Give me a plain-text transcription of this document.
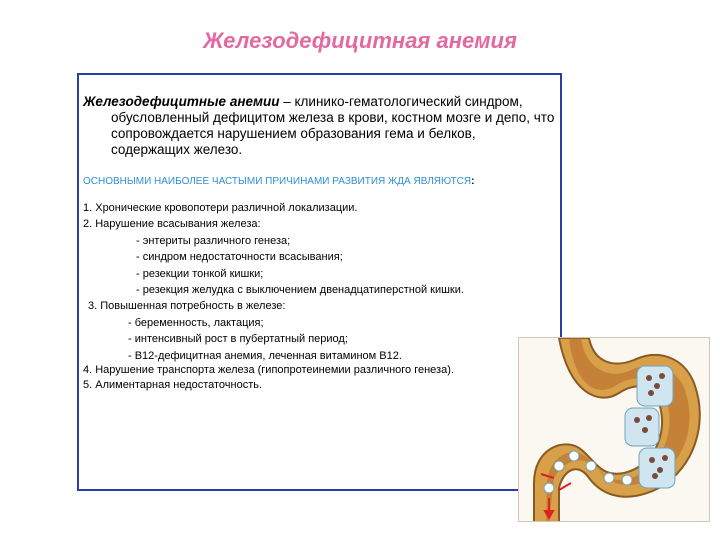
Железодефицитная анемия

Железодефицитные анемии – клинико-гематологический синдром, обусловленный дефицитом железа в крови, костном мозге и депо, что сопровождается нарушением образования гема и белков, содержащих железо.

ОСНОВНЫМИ НАИБОЛЕЕ ЧАСТЫМИ ПРИЧИНАМИ РАЗВИТИЯ ЖДА ЯВЛЯЮТСЯ:
1. Хронические кровопотери различной локализации.
2. Нарушение всасывания железа:
- энтериты различного генеза;
- синдром недостаточности всасывания;
- резекции тонкой кишки;
- резекция желудка с выключением двенадцатиперстной кишки.
3. Повышенная потребность в железе:
- беременность, лактация;
- интенсивный рост в пубертатный период;
- B12-дефицитная анемия, леченная витамином B12.
4. Нарушение транспорта железа (гипопротеинемии различного генеза).
5. Алиментарная недостаточность.
